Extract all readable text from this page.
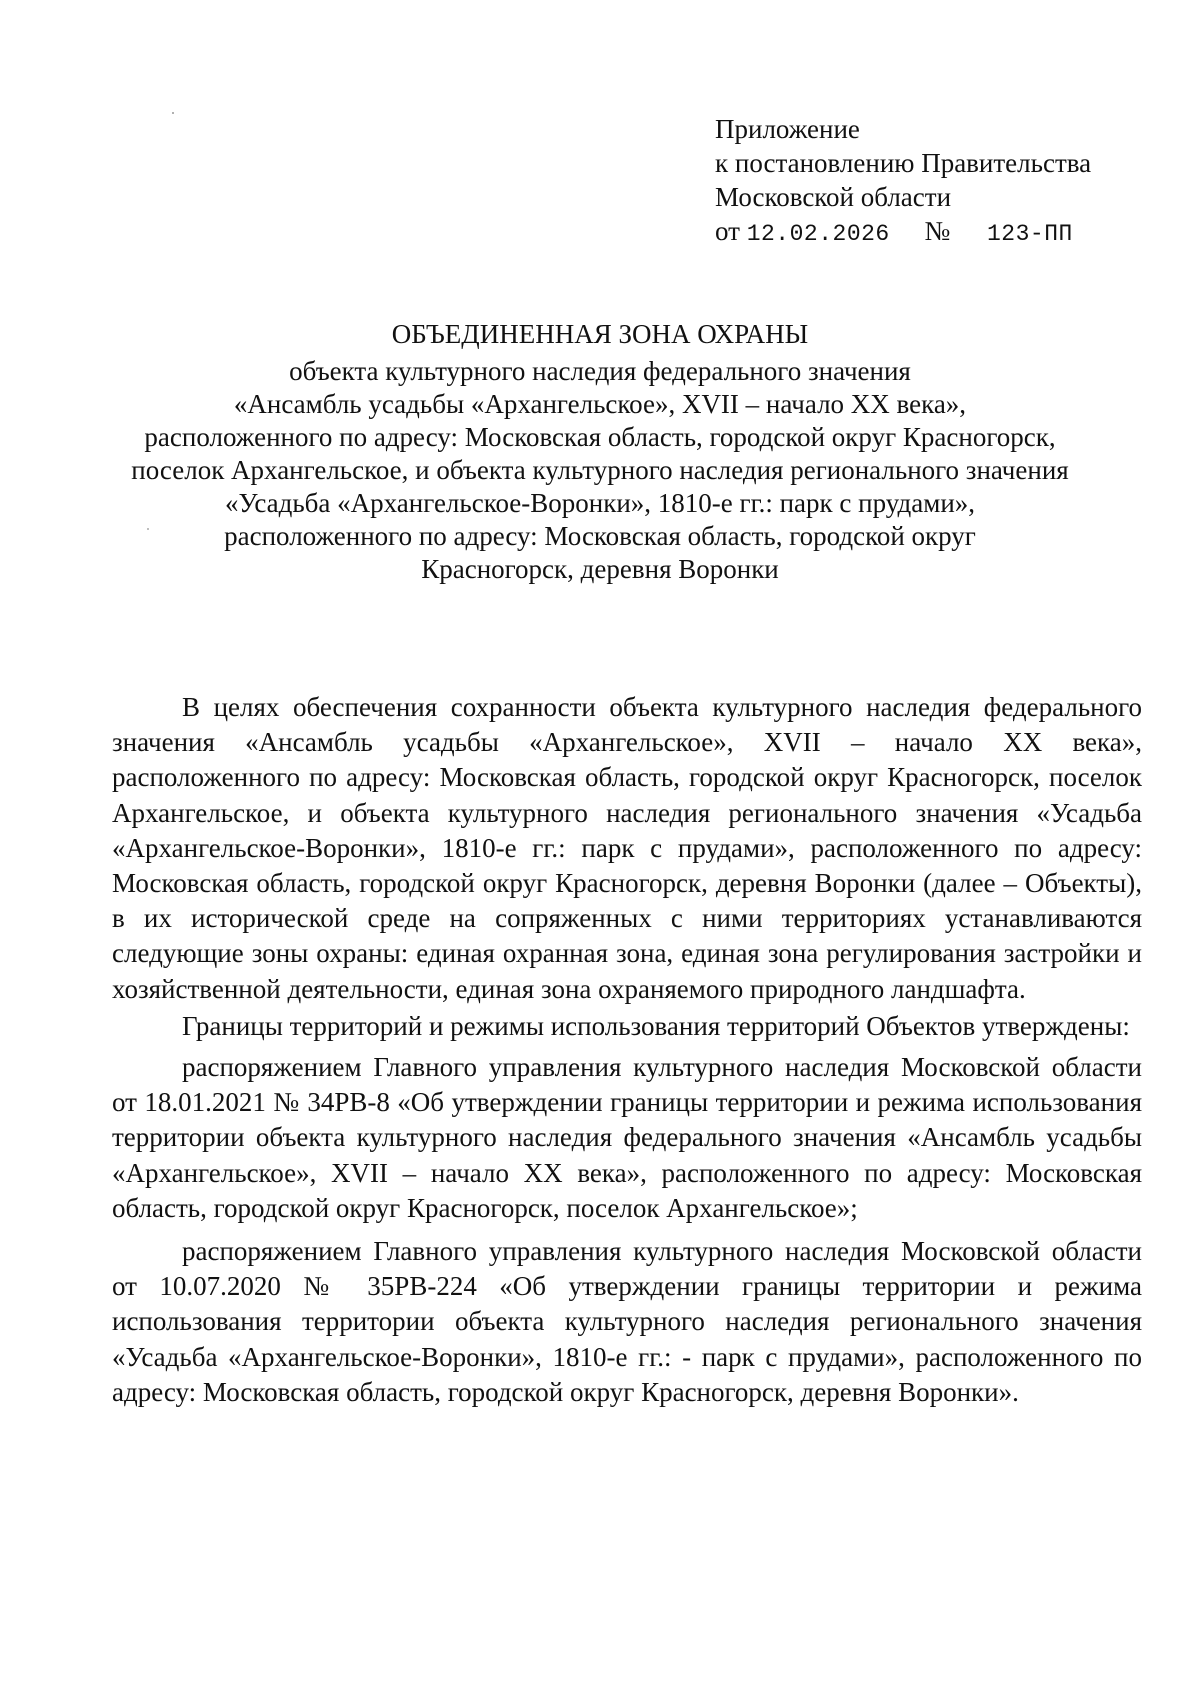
Приложение
к постановлению Правительства
Московской области
от 12.02.2026 № 123-ПП
ОБЪЕДИНЕННАЯ ЗОНА ОХРАНЫ
объекта культурного наследия федерального значения
«Ансамбль усадьбы «Архангельское», XVII – начало XX века»,
расположенного по адресу: Московская область, городской округ Красногорск,
поселок Архангельское, и объекта культурного наследия регионального значения
«Усадьба «Архангельское-Воронки», 1810-е гг.: парк с прудами»,
расположенного по адресу: Московская область, городской округ
Красногорск, деревня Воронки

В целях обеспечения сохранности объекта культурного наследия федерального значения «Ансамбль усадьбы «Архангельское», XVII – начало XX века», расположенного по адресу: Московская область, городской округ Красногорск, поселок Архангельское, и объекта культурного наследия регионального значения «Усадьба «Архангельское-Воронки», 1810-е гг.: парк с прудами», расположенного по адресу: Московская область, городской округ Красногорск, деревня Воронки (далее – Объекты), в их исторической среде на сопряженных с ними территориях устанавливаются следующие зоны охраны: единая охранная зона, единая зона регулирования застройки и хозяйственной деятельности, единая зона охраняемого природного ландшафта.

Границы территорий и режимы использования территорий Объектов утверждены:

распоряжением Главного управления культурного наследия Московской области от 18.01.2021 № 34РВ-8 «Об утверждении границы территории и режима использования территории объекта культурного наследия федерального значения «Ансамбль усадьбы «Архангельское», XVII – начало XX века», расположенного по адресу: Московская область, городской округ Красногорск, поселок Архангельское»;

распоряжением Главного управления культурного наследия Московской области от 10.07.2020 № 35РВ-224 «Об утверждении границы территории и режима использования территории объекта культурного наследия регионального значения «Усадьба «Архангельское-Воронки», 1810-е гг.: - парк с прудами», расположенного по адресу: Московская область, городской округ Красногорск, деревня Воронки».
